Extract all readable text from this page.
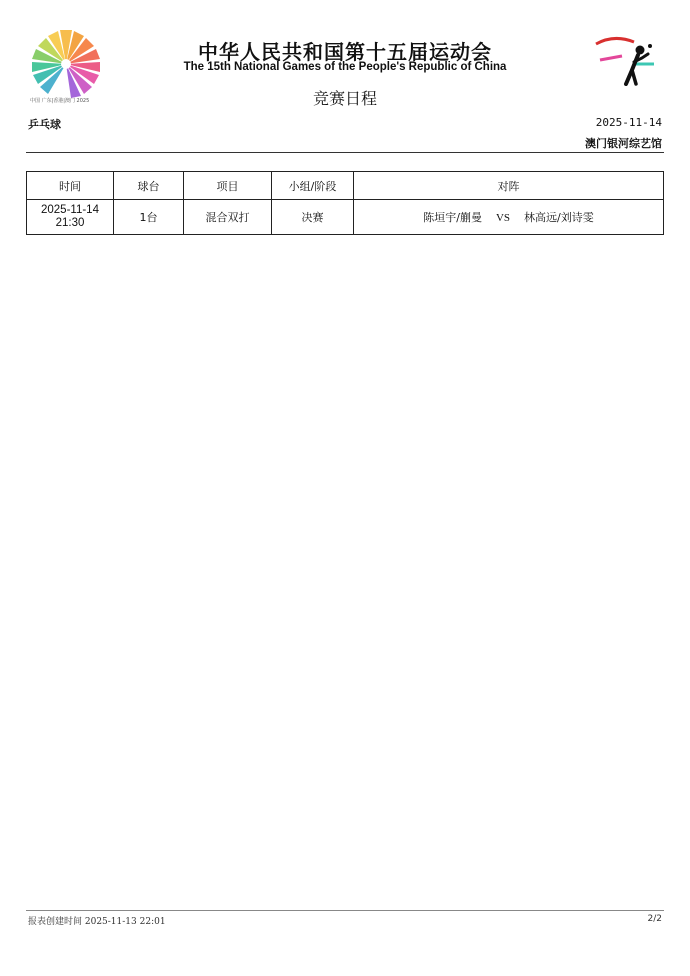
中国 广东|香港|澳门 2025
中华人民共和国第十五届运动会
The 15th National Games of the People's Republic of China
竞赛日程
乒乓球	2025-11-14
澳门银河综艺馆
时间	球台	项目	小组/阶段	对阵

2025-11-14
21:30	1台	混合双打	决赛	陈垣宇/蒯曼 VS 林高远/刘诗雯
报表创建时间 2025-11-13 22:01	2/2
